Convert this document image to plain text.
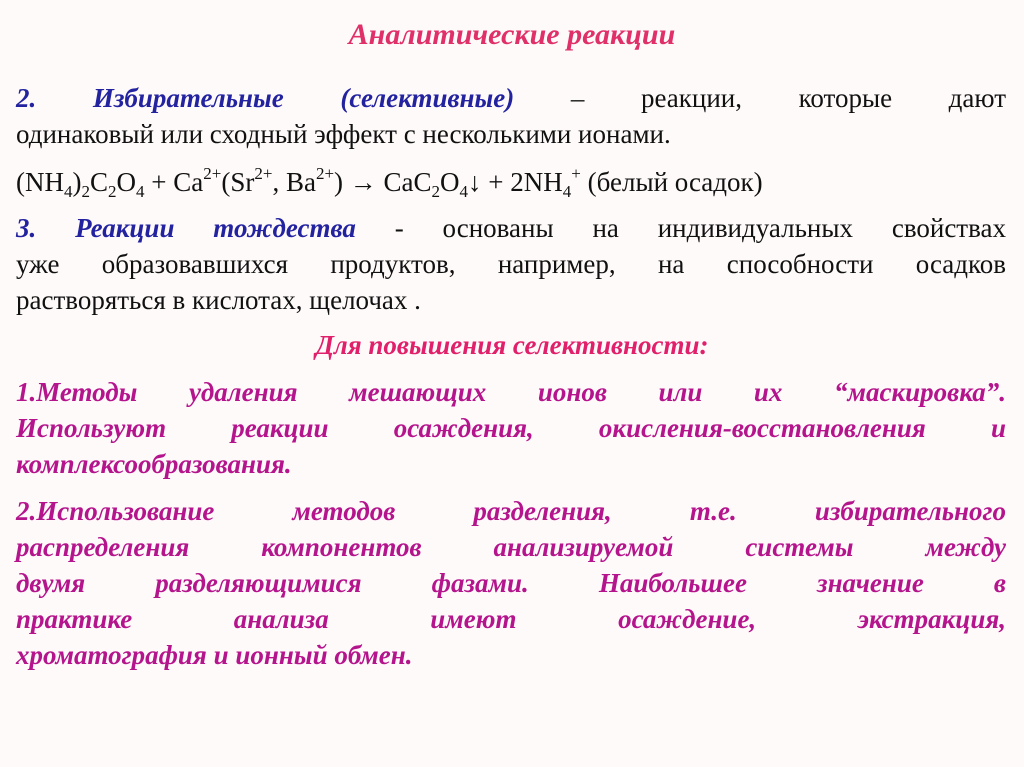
Аналитические реакции
2. Избирательные (селективные) – реакции, которые дают
одинаковый или сходный эффект с несколькими ионами.
$(NH_4)_2C_2O_4 + Ca^{2+}(Sr^{2+}$, $Ba^{2+}$) → $CaC_2O_4↓ + 2NH_4^+$ (белый осадок)
3. Реакции тождества - основаны на индивидуальных свойствах
уже образовавшихся продуктов, например, на способности осадков
растворяться в кислотах, щелочах .
Для повышения селективности:
1.Методы удаления мешающих ионов или их “маскировка”.
Используют реакции осаждения, окисления-восстановления и
комплексообразования.
2.Использование методов разделения, т.е. избирательного
распределения компонентов анализируемой системы между
двумя разделяющимися фазами. Наибольшее значение в
практике анализа имеют осаждение, экстракция,
хроматография и ионный обмен.
